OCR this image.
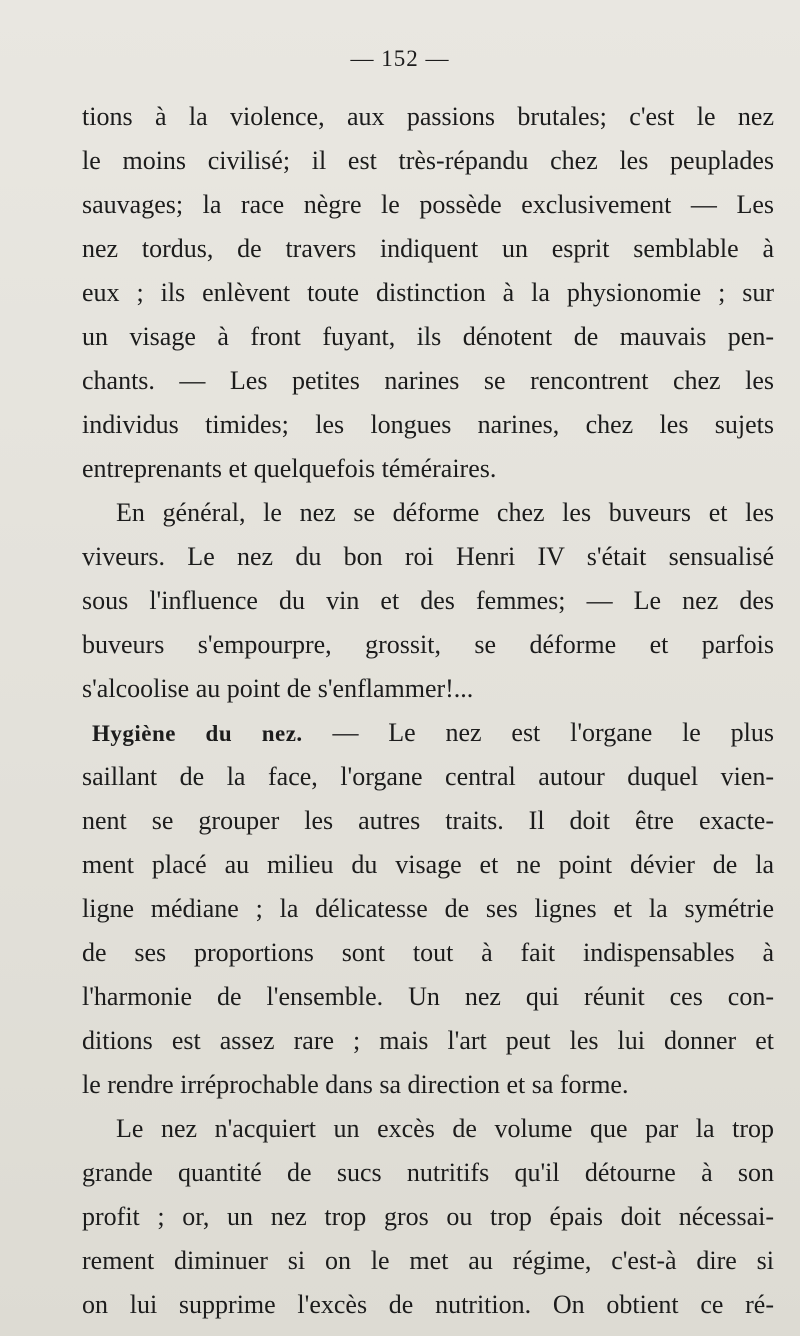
— 152 —
tions à la violence, aux passions brutales; c'est le nez
le moins civilisé; il est très-répandu chez les peuplades
sauvages; la race nègre le possède exclusivement — Les
nez tordus, de travers indiquent un esprit semblable à
eux ; ils enlèvent toute distinction à la physionomie ; sur
un visage à front fuyant, ils dénotent de mauvais pen-
chants. — Les petites narines se rencontrent chez les
individus timides; les longues narines, chez les sujets
entreprenants et quelquefois téméraires.
En général, le nez se déforme chez les buveurs et les
viveurs. Le nez du bon roi Henri IV s'était sensualisé
sous l'influence du vin et des femmes; — Le nez des
buveurs s'empourpre, grossit, se déforme et parfois
s'alcoolise au point de s'enflammer!...
Hygiène du nez. — Le nez est l'organe le plus
saillant de la face, l'organe central autour duquel vien-
nent se grouper les autres traits. Il doit être exacte-
ment placé au milieu du visage et ne point dévier de la
ligne médiane ; la délicatesse de ses lignes et la symétrie
de ses proportions sont tout à fait indispensables à
l'harmonie de l'ensemble. Un nez qui réunit ces con-
ditions est assez rare ; mais l'art peut les lui donner et
le rendre irréprochable dans sa direction et sa forme.
Le nez n'acquiert un excès de volume que par la trop
grande quantité de sucs nutritifs qu'il détourne à son
profit ; or, un nez trop gros ou trop épais doit nécessai-
rement diminuer si on le met au régime, c'est-à dire si
on lui supprime l'excès de nutrition. On obtient ce ré-
